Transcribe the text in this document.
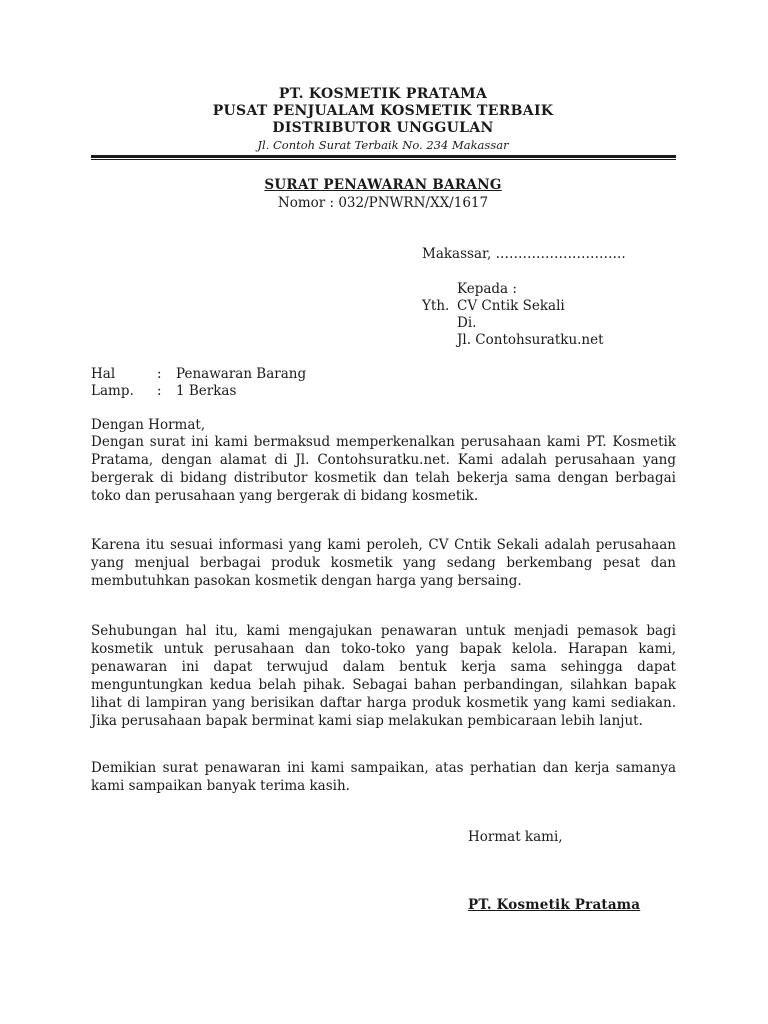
PT. KOSMETIK PRATAMA
PUSAT PENJUALAM KOSMETIK TERBAIK
DISTRIBUTOR UNGGULAN
Jl. Contoh Surat Terbaik No. 234 Makassar
SURAT PENAWARAN BARANG
Nomor : 032/PNWRN/XX/1617
Makassar, ………………………..
Kepada :
Yth. CV Cntik Sekali
Di.
Jl. Contohsuratku.net
Hal	: Penawaran Barang
Lamp. : 1 Berkas
Dengan Hormat,
Dengan surat ini kami bermaksud memperkenalkan perusahaan kami PT. Kosmetik Pratama, dengan alamat di Jl. Contohsuratku.net. Kami adalah perusahaan yang bergerak di bidang distributor kosmetik dan telah bekerja sama dengan berbagai toko dan perusahaan yang bergerak di bidang kosmetik.
Karena itu sesuai informasi yang kami peroleh, CV Cntik Sekali adalah perusahaan yang menjual berbagai produk kosmetik yang sedang berkembang pesat dan membutuhkan pasokan kosmetik dengan harga yang bersaing.
Sehubungan hal itu, kami mengajukan penawaran untuk menjadi pemasok bagi kosmetik untuk perusahaan dan toko-toko yang bapak kelola. Harapan kami, penawaran ini dapat terwujud dalam bentuk kerja sama sehingga dapat menguntungkan kedua belah pihak. Sebagai bahan perbandingan, silahkan bapak lihat di lampiran yang berisikan daftar harga produk kosmetik yang kami sediakan. Jika perusahaan bapak berminat kami siap melakukan pembicaraan lebih lanjut.
Demikian surat penawaran ini kami sampaikan, atas perhatian dan kerja samanya kami sampaikan banyak terima kasih.
Hormat kami,
PT. Kosmetik Pratama
